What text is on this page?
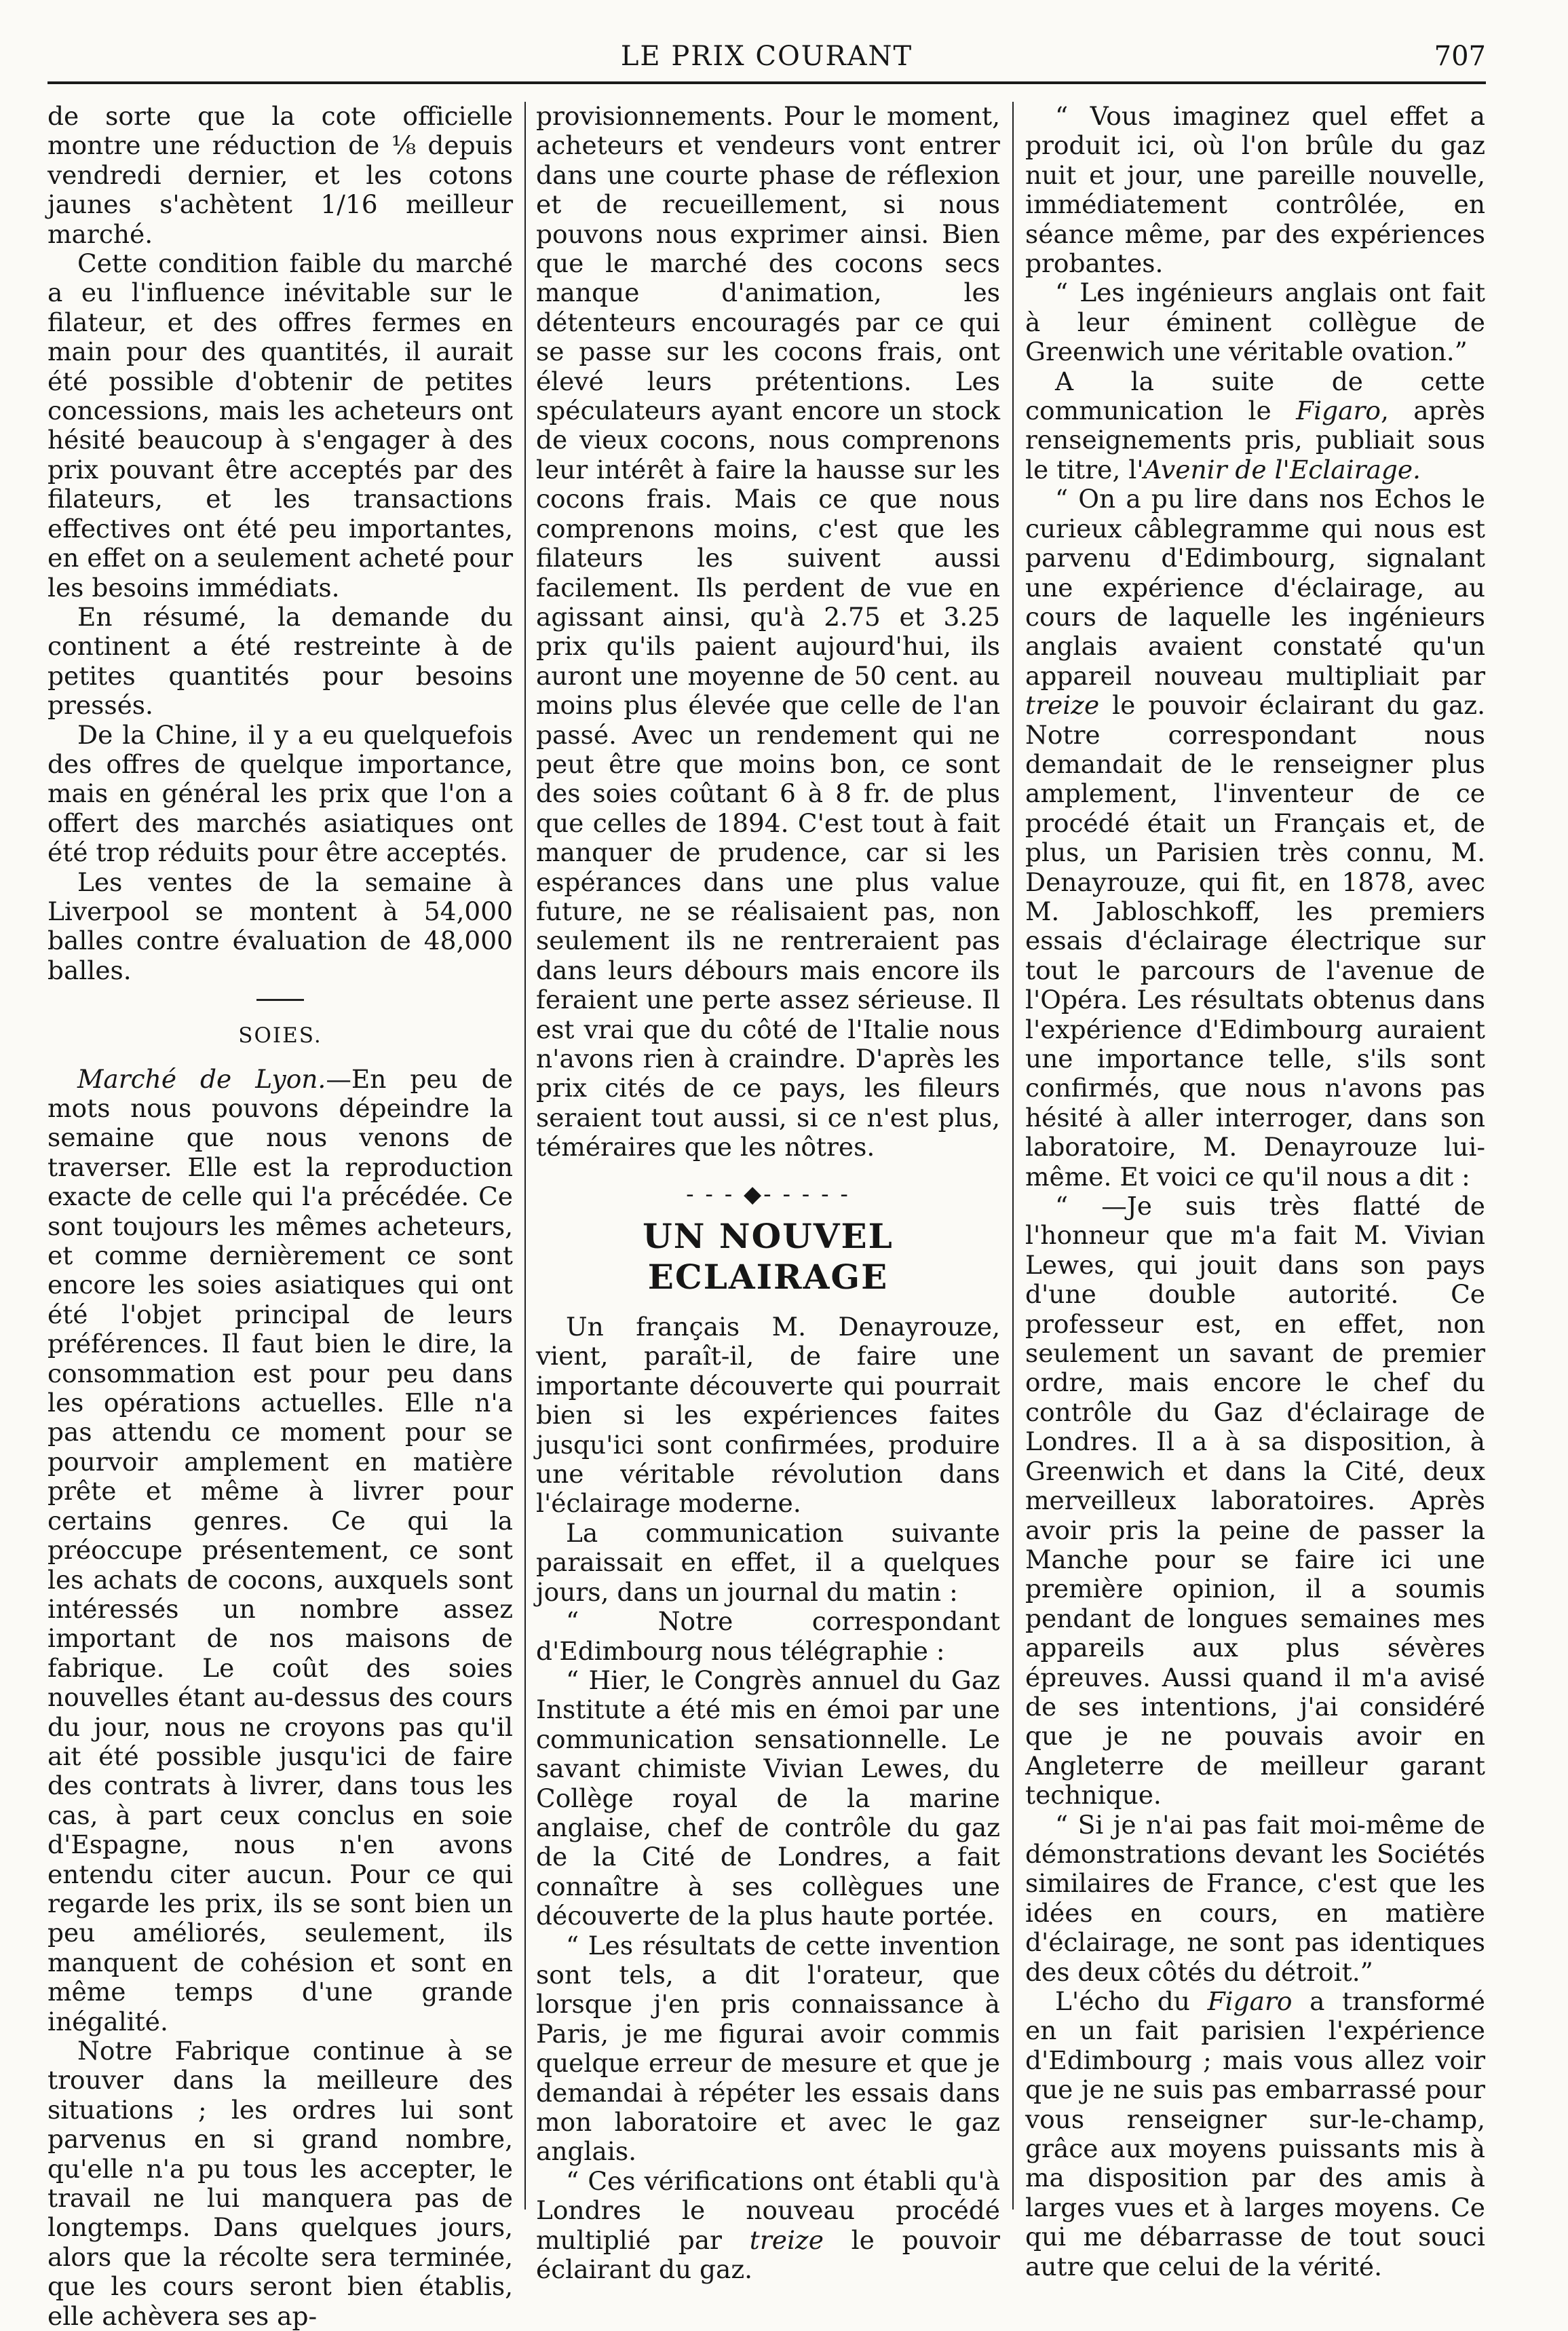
LE PRIX COURANT	707

de sorte que la cote officielle montre une réduction de ⅛ depuis vendredi dernier, et les cotons jaunes s'achètent 1/16 meilleur marché.

Cette condition faible du marché a eu l'influence inévitable sur le filateur, et des offres fermes en main pour des quantités, il aurait été possible d'obtenir de petites concessions, mais les acheteurs ont hésité beaucoup à s'engager à des prix pouvant être acceptés par des filateurs, et les transactions effectives ont été peu importantes, en effet on a seulement acheté pour les besoins immédiats.

En résumé, la demande du continent a été restreinte à de petites quantités pour besoins pressés.

De la Chine, il y a eu quelquefois des offres de quelque importance, mais en général les prix que l'on a offert des marchés asiatiques ont été trop réduits pour être acceptés.

Les ventes de la semaine à Liverpool se montent à 54,000 balles contre évaluation de 48,000 balles.

SOIES.

Marché de Lyon.—En peu de mots nous pouvons dépeindre la semaine que nous venons de traverser. Elle est la reproduction exacte de celle qui l'a précédée. Ce sont toujours les mêmes acheteurs, et comme dernièrement ce sont encore les soies asiatiques qui ont été l'objet principal de leurs préférences. Il faut bien le dire, la consommation est pour peu dans les opérations actuelles. Elle n'a pas attendu ce moment pour se pourvoir amplement en matière prête et même à livrer pour certains genres. Ce qui la préoccupe présentement, ce sont les achats de cocons, auxquels sont intéressés un nombre assez important de nos maisons de fabrique. Le coût des soies nouvelles étant au-dessus des cours du jour, nous ne croyons pas qu'il ait été possible jusqu'ici de faire des contrats à livrer, dans tous les cas, à part ceux conclus en soie d'Espagne, nous n'en avons entendu citer aucun. Pour ce qui regarde les prix, ils se sont bien un peu améliorés, seulement, ils manquent de cohésion et sont en même temps d'une grande inégalité.

Notre Fabrique continue à se trouver dans la meilleure des situations ; les ordres lui sont parvenus en si grand nombre, qu'elle n'a pu tous les accepter, le travail ne lui manquera pas de longtemps. Dans quelques jours, alors que la récolte sera terminée, que les cours seront bien établis, elle achèvera ses ap-

provisionnements. Pour le moment, acheteurs et vendeurs vont entrer dans une courte phase de réflexion et de recueillement, si nous pouvons nous exprimer ainsi. Bien que le marché des cocons secs manque d'animation, les détenteurs encouragés par ce qui se passe sur les cocons frais, ont élevé leurs prétentions. Les spéculateurs ayant encore un stock de vieux cocons, nous comprenons leur intérêt à faire la hausse sur les cocons frais. Mais ce que nous comprenons moins, c'est que les filateurs les suivent aussi facilement. Ils perdent de vue en agissant ainsi, qu'à 2.75 et 3.25 prix qu'ils paient aujourd'hui, ils auront une moyenne de 50 cent. au moins plus élevée que celle de l'an passé. Avec un rendement qui ne peut être que moins bon, ce sont des soies coûtant 6 à 8 fr. de plus que celles de 1894. C'est tout à fait manquer de prudence, car si les espérances dans une plus value future, ne se réalisaient pas, non seulement ils ne rentreraient pas dans leurs débours mais encore ils feraient une perte assez sérieuse. Il est vrai que du côté de l'Italie nous n'avons rien à craindre. D'après les prix cités de ce pays, les fileurs seraient tout aussi, si ce n'est plus, téméraires que les nôtres.

- - - ◆- - - - -
UN NOUVEL ECLAIRAGE

Un français M. Denayrouze, vient, paraît-il, de faire une importante découverte qui pourrait bien si les expériences faites jusqu'ici sont confirmées, produire une véritable révolution dans l'éclairage moderne.

La communication suivante paraissait en effet, il a quelques jours, dans un journal du matin :

“ Notre correspondant d'Edimbourg nous télégraphie :

“ Hier, le Congrès annuel du Gaz Institute a été mis en émoi par une communication sensationnelle. Le savant chimiste Vivian Lewes, du Collège royal de la marine anglaise, chef de contrôle du gaz de la Cité de Londres, a fait connaître à ses collègues une découverte de la plus haute portée.

“ Les résultats de cette invention sont tels, a dit l'orateur, que lorsque j'en pris connaissance à Paris, je me figurai avoir commis quelque erreur de mesure et que je demandai à répéter les essais dans mon laboratoire et avec le gaz anglais.

“ Ces vérifications ont établi qu'à Londres le nouveau procédé multiplié par treize le pouvoir éclairant du gaz.

“ Vous imaginez quel effet a produit ici, où l'on brûle du gaz nuit et jour, une pareille nouvelle, immédiatement contrôlée, en séance même, par des expériences probantes.

“ Les ingénieurs anglais ont fait à leur éminent collègue de Greenwich une véritable ovation.”

A la suite de cette communication le Figaro, après renseignements pris, publiait sous le titre, l'Avenir de l'Eclairage.

“ On a pu lire dans nos Echos le curieux câblegramme qui nous est parvenu d'Edimbourg, signalant une expérience d'éclairage, au cours de laquelle les ingénieurs anglais avaient constaté qu'un appareil nouveau multipliait par treize le pouvoir éclairant du gaz. Notre correspondant nous demandait de le renseigner plus amplement, l'inventeur de ce procédé était un Français et, de plus, un Parisien très connu, M. Denayrouze, qui fit, en 1878, avec M. Jabloschkoff, les premiers essais d'éclairage électrique sur tout le parcours de l'avenue de l'Opéra. Les résultats obtenus dans l'expérience d'Edimbourg auraient une importance telle, s'ils sont confirmés, que nous n'avons pas hésité à aller interroger, dans son laboratoire, M. Denayrouze lui-même. Et voici ce qu'il nous a dit :

“ —Je suis très flatté de l'honneur que m'a fait M. Vivian Lewes, qui jouit dans son pays d'une double autorité. Ce professeur est, en effet, non seulement un savant de premier ordre, mais encore le chef du contrôle du Gaz d'éclairage de Londres. Il a à sa disposition, à Greenwich et dans la Cité, deux merveilleux laboratoires. Après avoir pris la peine de passer la Manche pour se faire ici une première opinion, il a soumis pendant de longues semaines mes appareils aux plus sévères épreuves. Aussi quand il m'a avisé de ses intentions, j'ai considéré que je ne pouvais avoir en Angleterre de meilleur garant technique.

“ Si je n'ai pas fait moi-même de démonstrations devant les Sociétés similaires de France, c'est que les idées en cours, en matière d'éclairage, ne sont pas identiques des deux côtés du détroit.”

L'écho du Figaro a transformé en un fait parisien l'expérience d'Edimbourg ; mais vous allez voir que je ne suis pas embarrassé pour vous renseigner sur-le-champ, grâce aux moyens puissants mis à ma disposition par des amis à larges vues et à larges moyens. Ce qui me débarrasse de tout souci autre que celui de la vérité.
